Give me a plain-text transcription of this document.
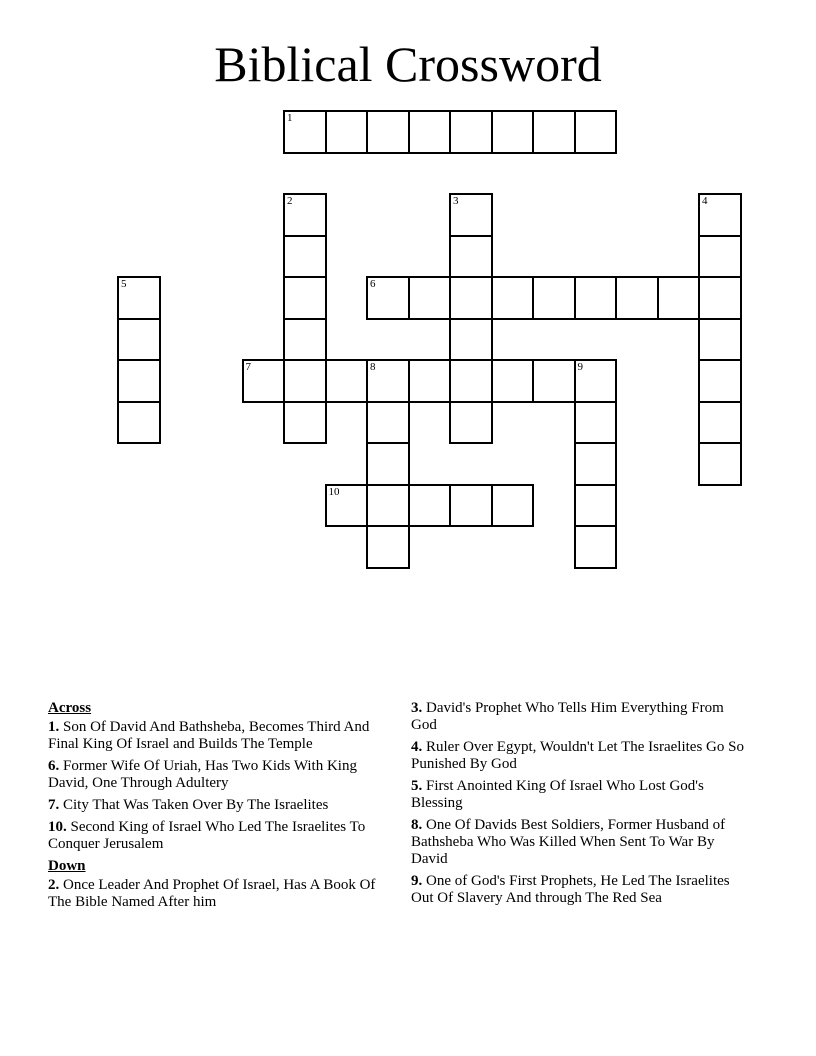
Biblical Crossword
1
2	3	4
5	6
7	8	9
10
Across
1. Son Of David And Bathsheba, Becomes Third And Final King Of Israel and Builds The Temple
6. Former Wife Of Uriah, Has Two Kids With King David, One Through Adultery
7. City That Was Taken Over By The Israelites
10. Second King of Israel Who Led The Israelites To Conquer Jerusalem
Down
2. Once Leader And Prophet Of Israel, Has A Book Of The Bible Named After him
3. David's Prophet Who Tells Him Everything From God
4. Ruler Over Egypt, Wouldn't Let The Israelites Go So Punished By God
5. First Anointed King Of Israel Who Lost God's Blessing
8. One Of Davids Best Soldiers, Former Husband of Bathsheba Who Was Killed When Sent To War By David
9. One of God's First Prophets, He Led The Israelites Out Of Slavery And through The Red Sea
